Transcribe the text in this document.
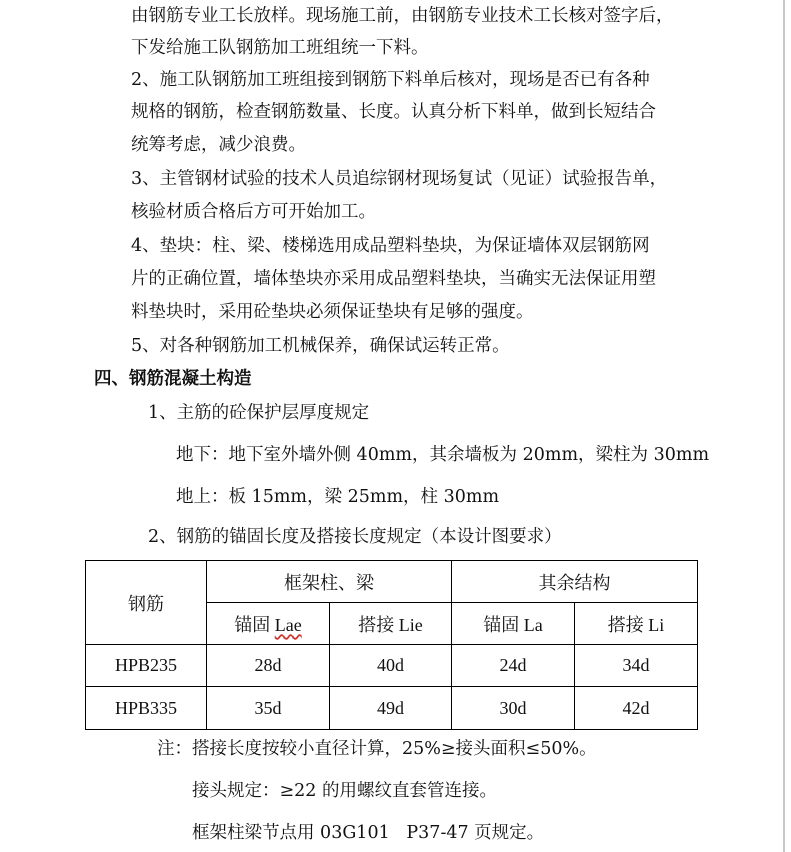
由钢筋专业工长放样。现场施工前，由钢筋专业技术工长核对签字后，
下发给施工队钢筋加工班组统一下料。
2、施工队钢筋加工班组接到钢筋下料单后核对，现场是否已有各种
规格的钢筋，检查钢筋数量、长度。认真分析下料单，做到长短结合
统筹考虑，减少浪费。
3、主管钢材试验的技术人员追综钢材现场复试（见证）试验报告单，
核验材质合格后方可开始加工。
4、垫块：柱、梁、楼梯选用成品塑料垫块，为保证墙体双层钢筋网
片的正确位置，墙体垫块亦采用成品塑料垫块，当确实无法保证用塑
料垫块时，采用砼垫块必须保证垫块有足够的强度。
5、对各种钢筋加工机械保养，确保试运转正常。
四、钢筋混凝土构造
1、主筋的砼保护层厚度规定
地下：地下室外墙外侧 40mm，其余墙板为 20mm，梁柱为 30mm
地上：板 15mm，梁 25mm，柱 30mm
2、钢筋的锚固长度及搭接长度规定（本设计图要求）
钢筋	框架柱、梁		其余结构	
	锚固 Lae	搭接 Lie	锚固 La	搭接 Li
HPB235	28d	40d	24d	34d
HPB335	35d	49d	30d	42d
注：搭接长度按较小直径计算，25%≥接头面积≤50%。
接头规定：≥22 的用螺纹直套管连接。
框架柱梁节点用 03G101   P37-47 页规定。
